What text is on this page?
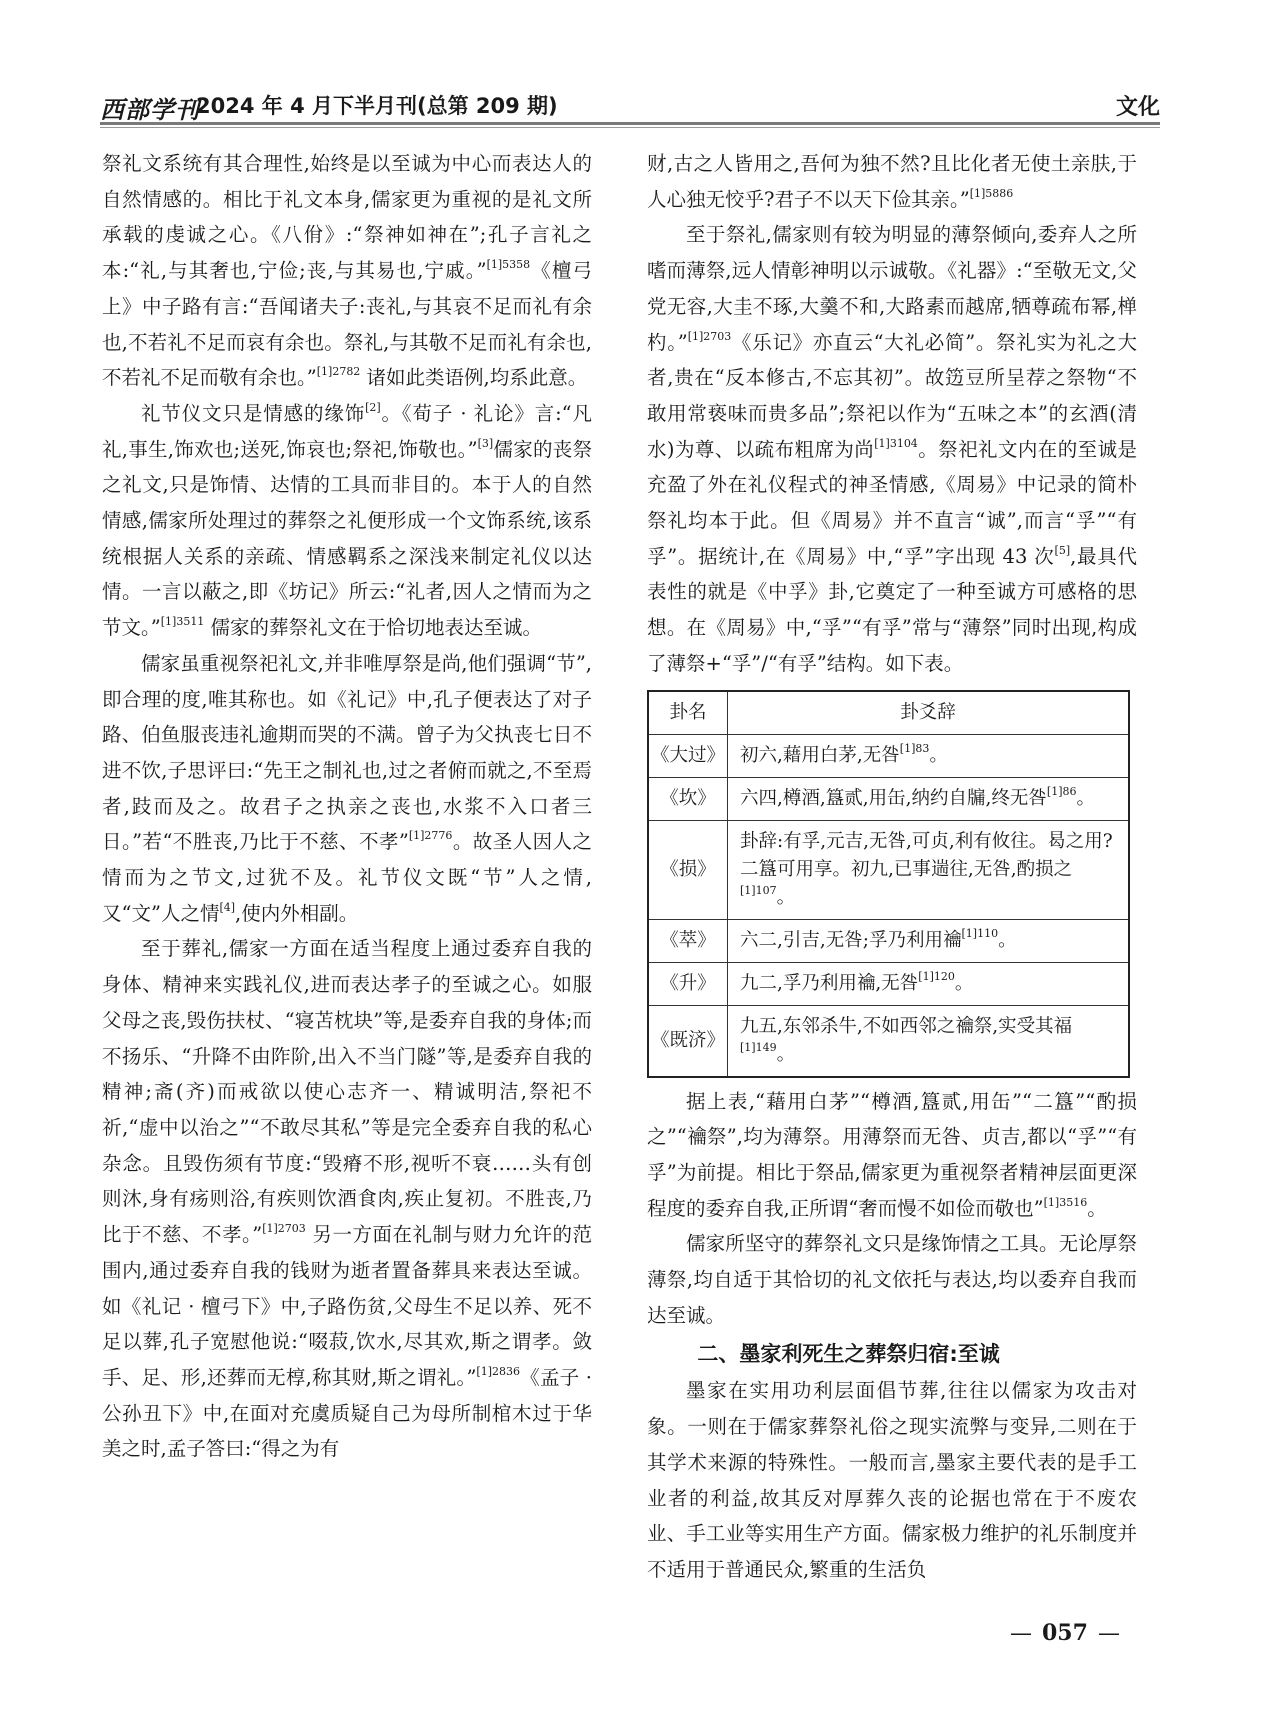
西部学刊
2024 年 4 月下半月刊(总第 209 期)	文化

祭礼文系统有其合理性,始终是以至诚为中心而表达人的自然情感的。相比于礼文本身,儒家更为重视的是礼文所承载的虔诚之心。《八佾》:“祭神如神在”;孔子言礼之本:“礼,与其奢也,宁俭;丧,与其易也,宁戚。”$^{[1]5358}$《檀弓上》中子路有言:“吾闻诸夫子:丧礼,与其哀不足而礼有余也,不若礼不足而哀有余也。祭礼,与其敬不足而礼有余也,不若礼不足而敬有余也。”$^{[1]2782}$ 诸如此类语例,均系此意。

礼节仪文只是情感的缘饰[2]。《荀子 · 礼论》言:“凡礼,事生,饰欢也;送死,饰哀也;祭祀,饰敬也。”[3]儒家的丧祭之礼文,只是饰情、达情的工具而非目的。本于人的自然情感,儒家所处理过的葬祭之礼便形成一个文饰系统,该系统根据人关系的亲疏、情感羁系之深浅来制定礼仪以达情。一言以蔽之,即《坊记》所云:“礼者,因人之情而为之节文。”$^{[1]3511}$ 儒家的葬祭礼文在于恰切地表达至诚。

儒家虽重视祭祀礼文,并非唯厚祭是尚,他们强调“节”,即合理的度,唯其称也。如《礼记》中,孔子便表达了对子路、伯鱼服丧违礼逾期而哭的不满。曾子为父执丧七日不进不饮,子思评曰:“先王之制礼也,过之者俯而就之,不至焉者,跂而及之。故君子之执亲之丧也,水浆不入口者三日。”若“不胜丧,乃比于不慈、不孝”$^{[1]2776}$。故圣人因人之情而为之节文,过犹不及。礼节仪文既“节”人之情,又“文”人之情[4],使内外相副。

至于葬礼,儒家一方面在适当程度上通过委弃自我的身体、精神来实践礼仪,进而表达孝子的至诚之心。如服父母之丧,毁伤扶杖、“寝苫枕块”等,是委弃自我的身体;而不扬乐、“升降不由阼阶,出入不当门隧”等,是委弃自我的精神;斋(齐)而戒欲以使心志齐一、精诚明洁,祭祀不祈,“虚中以治之”“不敢尽其私”等是完全委弃自我的私心杂念。且毁伤须有节度:“毁瘠不形,视听不衰……头有创则沐,身有疡则浴,有疾则饮酒食肉,疾止复初。不胜丧,乃比于不慈、不孝。”$^{[1]2703}$ 另一方面在礼制与财力允许的范围内,通过委弃自我的钱财为逝者置备葬具来表达至诚。如《礼记 · 檀弓下》中,子路伤贫,父母生不足以养、死不足以葬,孔子宽慰他说:“啜菽,饮水,尽其欢,斯之谓孝。敛手、足、形,还葬而无椁,称其财,斯之谓礼。”$^{[1]2836}$《孟子 · 公孙丑下》中,在面对充虞质疑自己为母所制棺木过于华美之时,孟子答曰:“得之为有

财,古之人皆用之,吾何为独不然?且比化者无使土亲肤,于人心独无恔乎?君子不以天下俭其亲。”$^{[1]5886}$

至于祭礼,儒家则有较为明显的薄祭倾向,委弃人之所嗜而薄祭,远人情彰神明以示诚敬。《礼器》:“至敬无文,父党无容,大圭不琢,大羹不和,大路素而越席,牺尊疏布幂,椫杓。”$^{[1]2703}$《乐记》亦直云“大礼必简”。祭礼实为礼之大者,贵在“反本修古,不忘其初”。故笾豆所呈荐之祭物“不敢用常亵味而贵多品”;祭祀以作为“五味之本”的玄酒(清水)为尊、以疏布粗席为尚$^{[1]3104}$。祭祀礼文内在的至诚是充盈了外在礼仪程式的神圣情感,《周易》中记录的简朴祭礼均本于此。但《周易》并不直言“诚”,而言“孚”“有孚”。据统计,在《周易》中,“孚”字出现 43 次[5],最具代表性的就是《中孚》卦,它奠定了一种至诚方可感格的思想。在《周易》中,“孚”“有孚”常与“薄祭”同时出现,构成了薄祭+“孚”/“有孚”结构。如下表。

卦名	卦爻辞
《大过》	初六,藉用白茅,无咎$^{[1]83}$。
《坎》	六四,樽酒,簋贰,用缶,纳约自牖,终无咎$^{[1]86}$。
《损》	卦辞:有孚,元吉,无咎,可贞,利有攸往。曷之用?二簋可用享。初九,已事遄往,无咎,酌损之$^{[1]107}$。
《萃》	六二,引吉,无咎;孚乃利用禴$^{[1]110}$。
《升》	九二,孚乃利用禴,无咎$^{[1]120}$。
《既济》	九五,东邻杀牛,不如西邻之禴祭,实受其福$^{[1]149}$。

据上表,“藉用白茅”“樽酒,簋贰,用缶”“二簋”“酌损之”“禴祭”,均为薄祭。用薄祭而无咎、贞吉,都以“孚”“有孚”为前提。相比于祭品,儒家更为重视祭者精神层面更深程度的委弃自我,正所谓“奢而慢不如俭而敬也”$^{[1]3516}$。

儒家所坚守的葬祭礼文只是缘饰情之工具。无论厚祭薄祭,均自适于其恰切的礼文依托与表达,均以委弃自我而达至诚。

二、墨家利死生之葬祭归宿:至诚

墨家在实用功利层面倡节葬,往往以儒家为攻击对象。一则在于儒家葬祭礼俗之现实流弊与变异,二则在于其学术来源的特殊性。一般而言,墨家主要代表的是手工业者的利益,故其反对厚葬久丧的论据也常在于不废农业、手工业等实用生产方面。儒家极力维护的礼乐制度并不适用于普通民众,繁重的生活负

— 057 —
